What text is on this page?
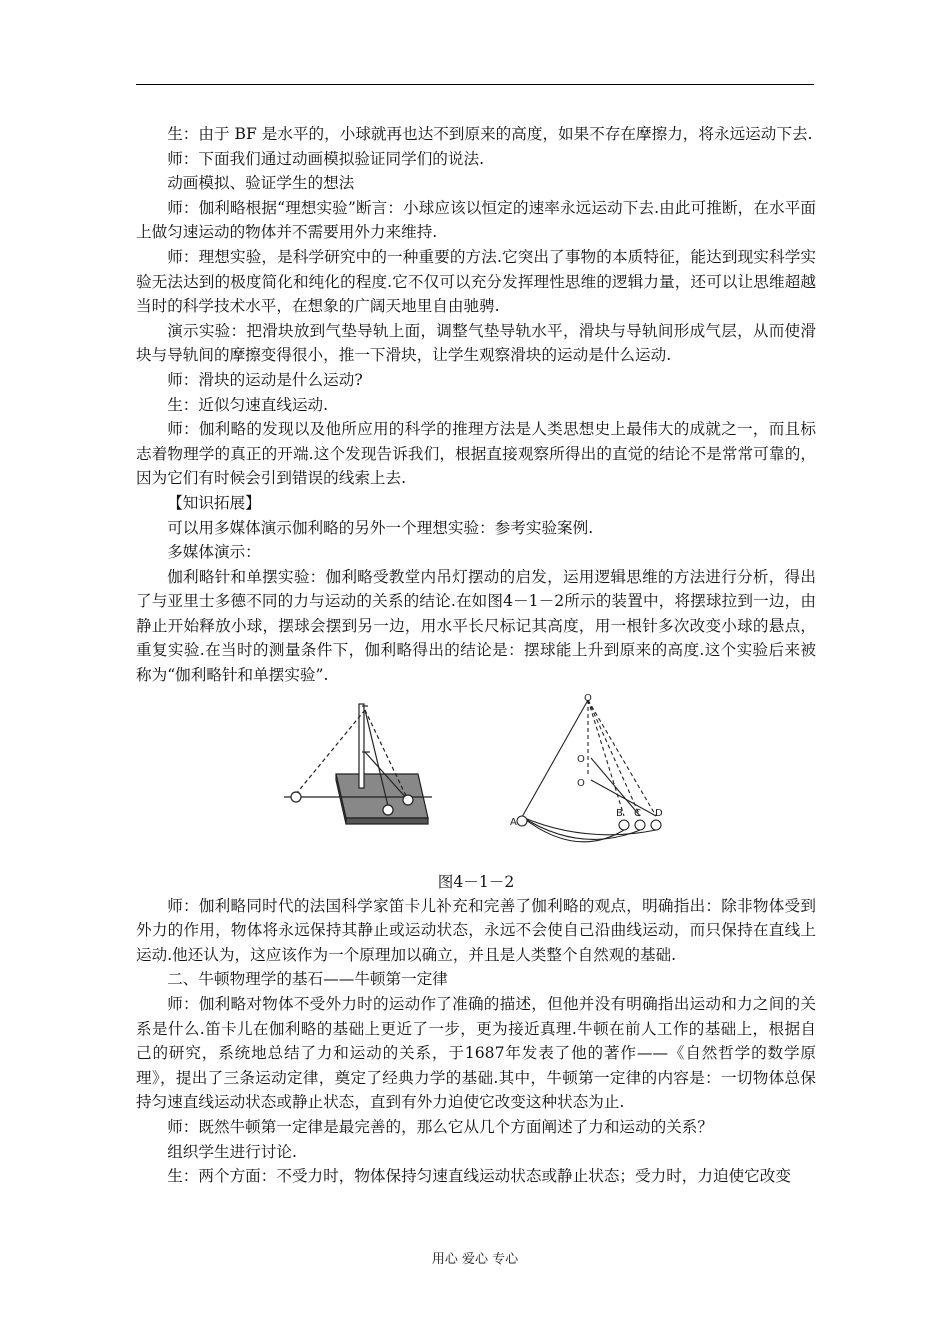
生：由于 BF 是水平的，小球就再也达不到原来的高度，如果不存在摩擦力，将永远运动下去.

师：下面我们通过动画模拟验证同学们的说法.

动画模拟、验证学生的想法

师：伽利略根据“理想实验”断言：小球应该以恒定的速率永远运动下去.由此可推断，在水平面上做匀速运动的物体并不需要用外力来维持.

师：理想实验，是科学研究中的一种重要的方法.它突出了事物的本质特征，能达到现实科学实验无法达到的极度简化和纯化的程度.它不仅可以充分发挥理性思维的逻辑力量，还可以让思维超越当时的科学技术水平，在想象的广阔天地里自由驰骋.

演示实验：把滑块放到气垫导轨上面，调整气垫导轨水平，滑块与导轨间形成气层，从而使滑块与导轨间的摩擦变得很小，推一下滑块，让学生观察滑块的运动是什么运动.

师：滑块的运动是什么运动?

生：近似匀速直线运动.

师：伽利略的发现以及他所应用的科学的推理方法是人类思想史上最伟大的成就之一，而且标志着物理学的真正的开端.这个发现告诉我们，根据直接观察所得出的直觉的结论不是常常可靠的，因为它们有时候会引到错误的线索上去.

【知识拓展】

可以用多媒体演示伽利略的另外一个理想实验：参考实验案例.

多媒体演示：

伽利略针和单摆实验：伽利略受教堂内吊灯摆动的启发，运用逻辑思维的方法进行分析，得出了与亚里士多德不同的力与运动的关系的结论.在如图4－1－2所示的装置中，将摆球拉到一边，由静止开始释放小球，摆球会摆到另一边，用水平长尺标记其高度，用一根针多次改变小球的悬点，重复实验.在当时的测量条件下，伽利略得出的结论是：摆球能上升到原来的高度.这个实验后来被称为“伽利略针和单摆实验”.

O
O
O
A
B C D

图4－1－2

师：伽利略同时代的法国科学家笛卡儿补充和完善了伽利略的观点，明确指出：除非物体受到外力的作用，物体将永远保持其静止或运动状态，永远不会使自己沿曲线运动，而只保持在直线上运动.他还认为，这应该作为一个原理加以确立，并且是人类整个自然观的基础.

二、牛顿物理学的基石——牛顿第一定律

师：伽利略对物体不受外力时的运动作了准确的描述，但他并没有明确指出运动和力之间的关系是什么.笛卡儿在伽利略的基础上更近了一步，更为接近真理.牛顿在前人工作的基础上，根据自己的研究，系统地总结了力和运动的关系，于1687年发表了他的著作——《自然哲学的数学原理》，提出了三条运动定律，奠定了经典力学的基础.其中，牛顿第一定律的内容是：一切物体总保持匀速直线运动状态或静止状态，直到有外力迫使它改变这种状态为止.

师：既然牛顿第一定律是最完善的，那么它从几个方面阐述了力和运动的关系？

组织学生进行讨论.

生：两个方面：不受力时，物体保持匀速直线运动状态或静止状态；受力时，力迫使它改变

用心 爱心 专心
